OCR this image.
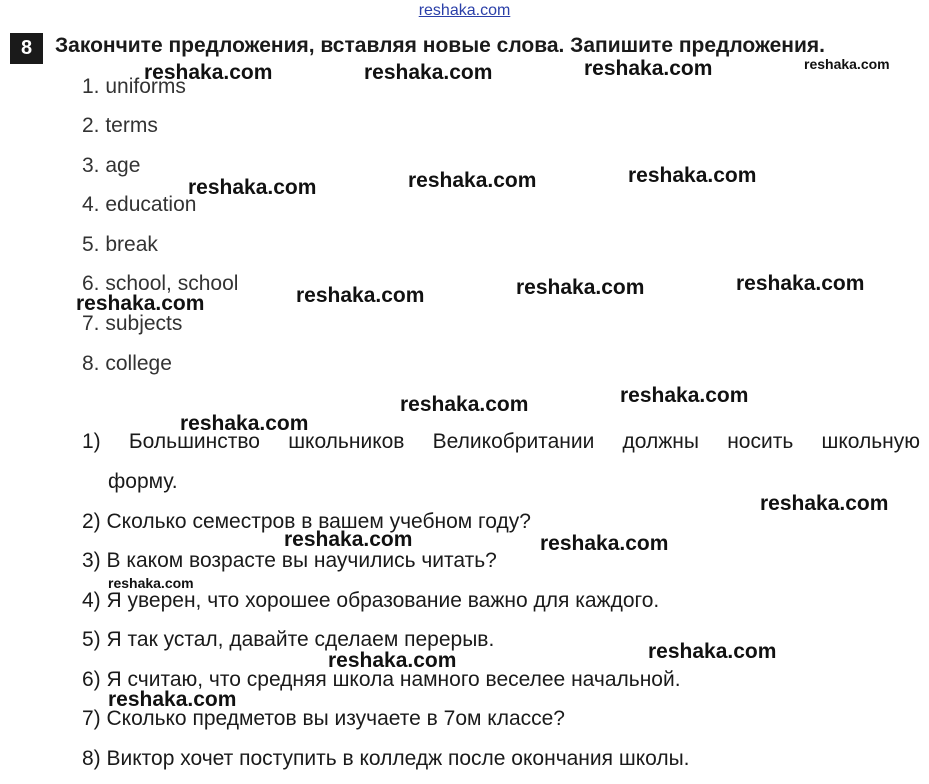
reshaka.com
8	Закончите предложения, вставляя новые слова. Запишите предложения.
1. uniforms
2. terms
3. age
4. education
5. break
6. school, school
7. subjects
8. college
1) Большинство школьников Великобритании должны носить школьную
форму.
2) Сколько семестров в вашем учебном году?
3) В каком возрасте вы научились читать?
4) Я уверен, что хорошее образование важно для каждого.
5) Я так устал, давайте сделаем перерыв.
6) Я считаю, что средняя школа намного веселее начальной.
7) Сколько предметов вы изучаете в 7ом классе?
8) Виктор хочет поступить в колледж после окончания школы.
reshaka.com	reshaka.com	reshaka.com	reshaka.com
reshaka.com	reshaka.com	reshaka.com
reshaka.com	reshaka.com	reshaka.com	reshaka.com
reshaka.com
reshaka.com	reshaka.com
reshaka.com
reshaka.com	reshaka.com
reshaka.com
reshaka.com
reshaka.com
reshaka.com
